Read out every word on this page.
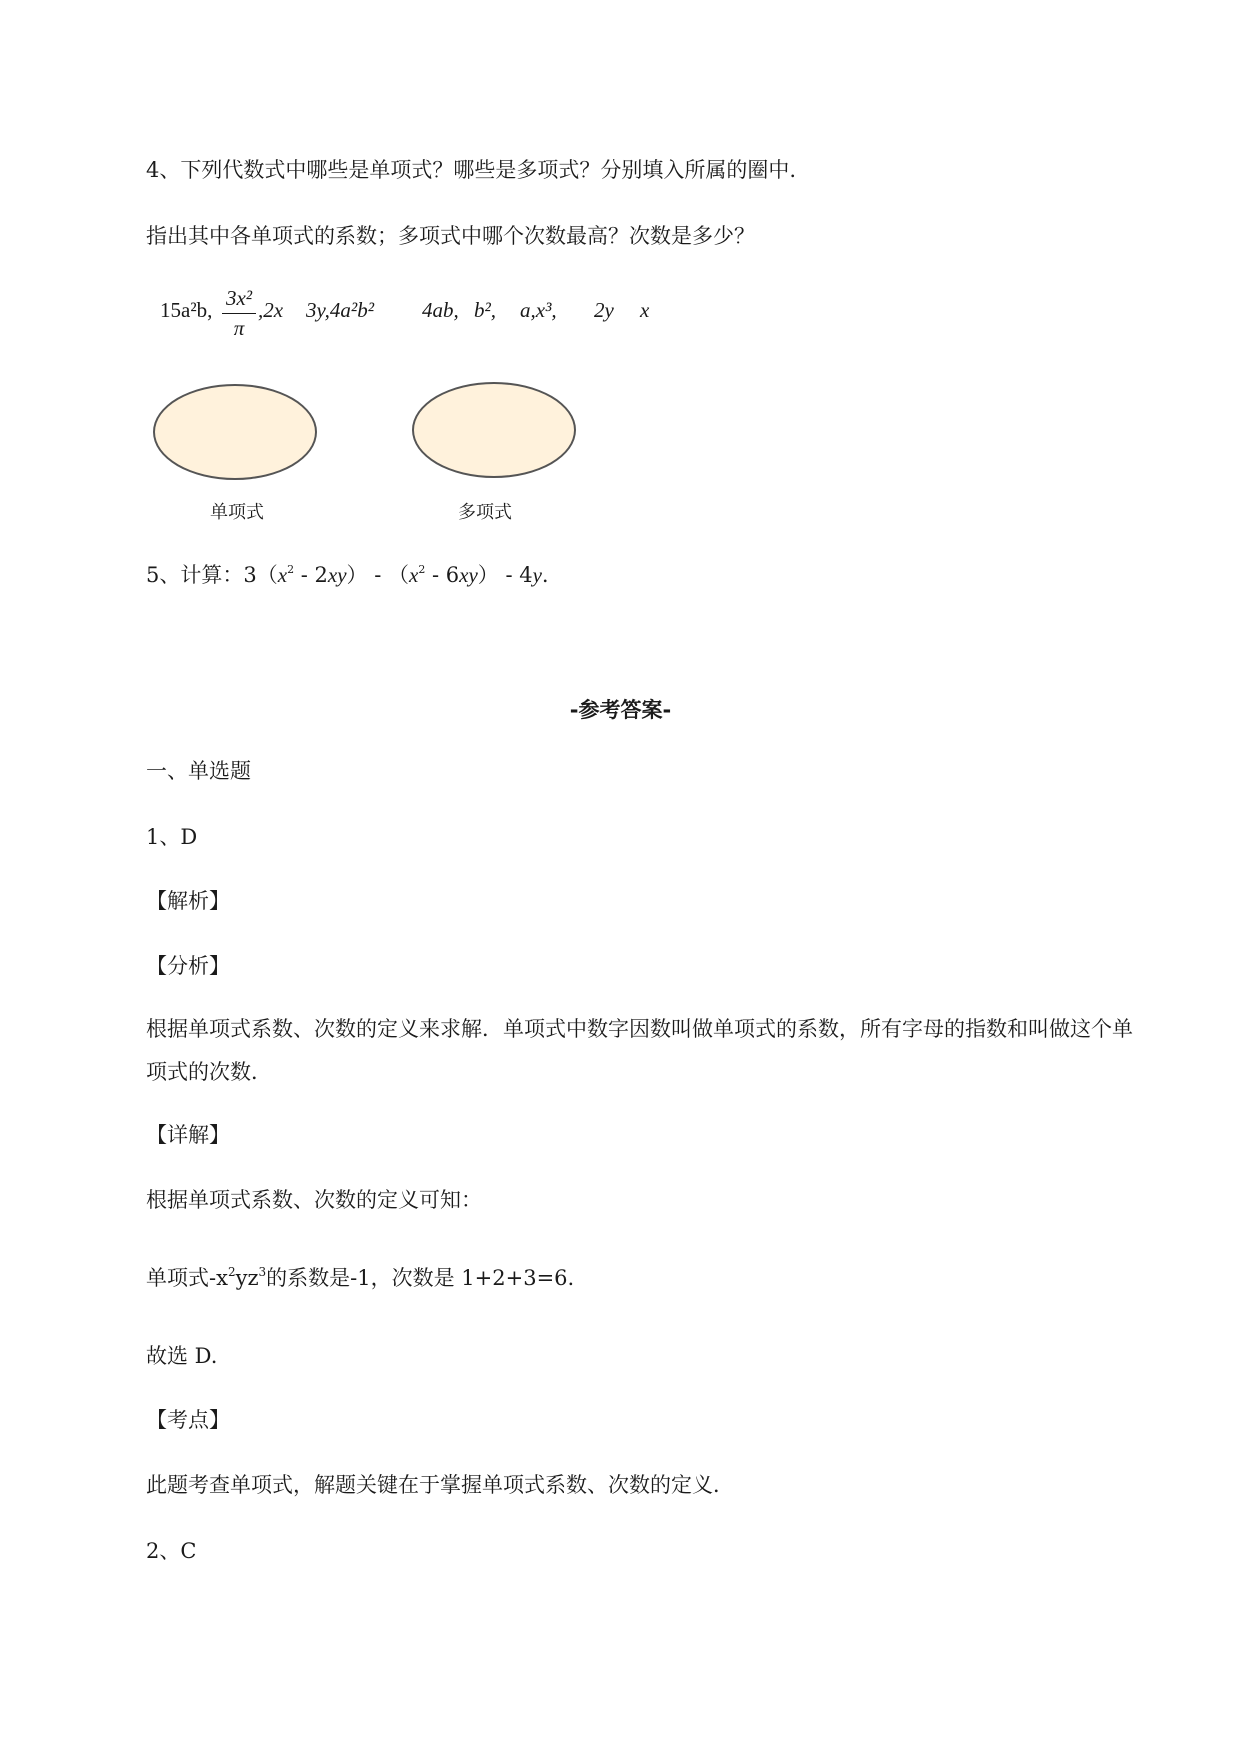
4、下列代数式中哪些是单项式？哪些是多项式？分别填入所属的圈中.
指出其中各单项式的系数；多项式中哪个次数最高？次数是多少？
15a²b, 3x²
π
,2x 3y,4a²b² 4ab, b², a,x³, 2y x
单项式	多项式
5、计算：$3(x^2 - 2xy) - (x^2 - 6xy) - 4y$.
-参考答案-
一、单选题
1、D
【解析】
【分析】
根据单项式系数、次数的定义来求解．单项式中数字因数叫做单项式的系数，所有字母的指数和叫做这个单项式的次数．
【详解】
根据单项式系数、次数的定义可知：
单项式$-x^2yz^3$的系数是-1，次数是 1+2+3=6.
故选 D.
【考点】
此题考查单项式，解题关键在于掌握单项式系数、次数的定义．
2、C
